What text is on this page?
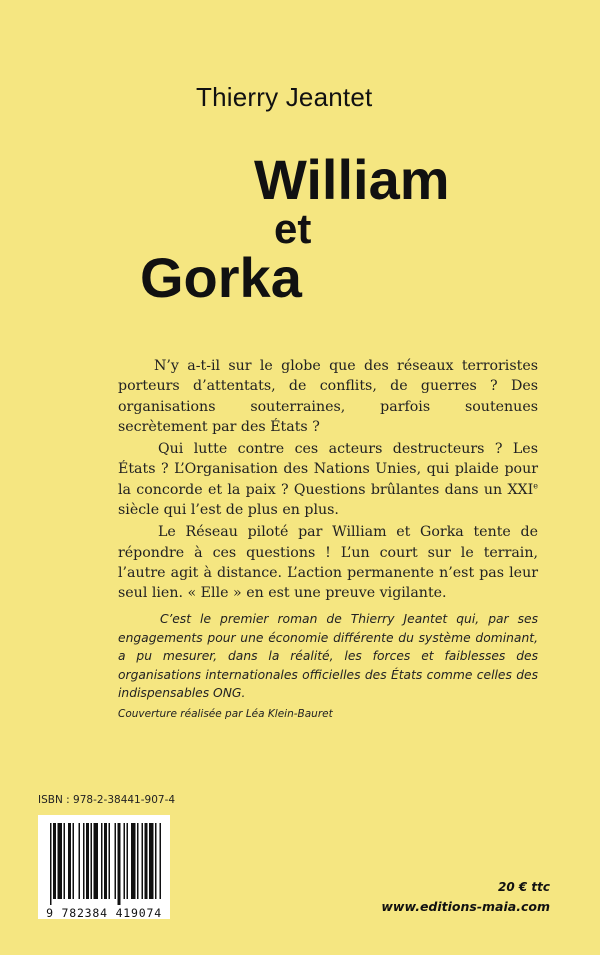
Thierry Jeantet
William
et
Gorka

N’y a-t-il sur le globe que des réseaux terroristes porteurs d’attentats, de conflits, de guerres ? Des organisations souterraines, parfois soutenues secrètement par des États ?

Qui lutte contre ces acteurs destructeurs ? Les États ? L’Organisation des Nations Unies, qui plaide pour la concorde et la paix ? Questions brûlantes dans un XXIe siècle qui l’est de plus en plus.

Le Réseau piloté par William et Gorka tente de répondre à ces questions ! L’un court sur le terrain, l’autre agit à distance. L’action permanente n’est pas leur seul lien. « Elle » en est une preuve vigilante.

C’est le premier roman de Thierry Jeantet qui, par ses engagements pour une économie différente du système dominant, a pu mesurer, dans la réalité, les forces et faiblesses des organisations internationales officielles des États comme celles des indispensables ONG.

Couverture réalisée par Léa Klein-Bauret
ISBN : 978-2-38441-907-4
9 782384 419074
20 € ttc
www.editions-maia.com
